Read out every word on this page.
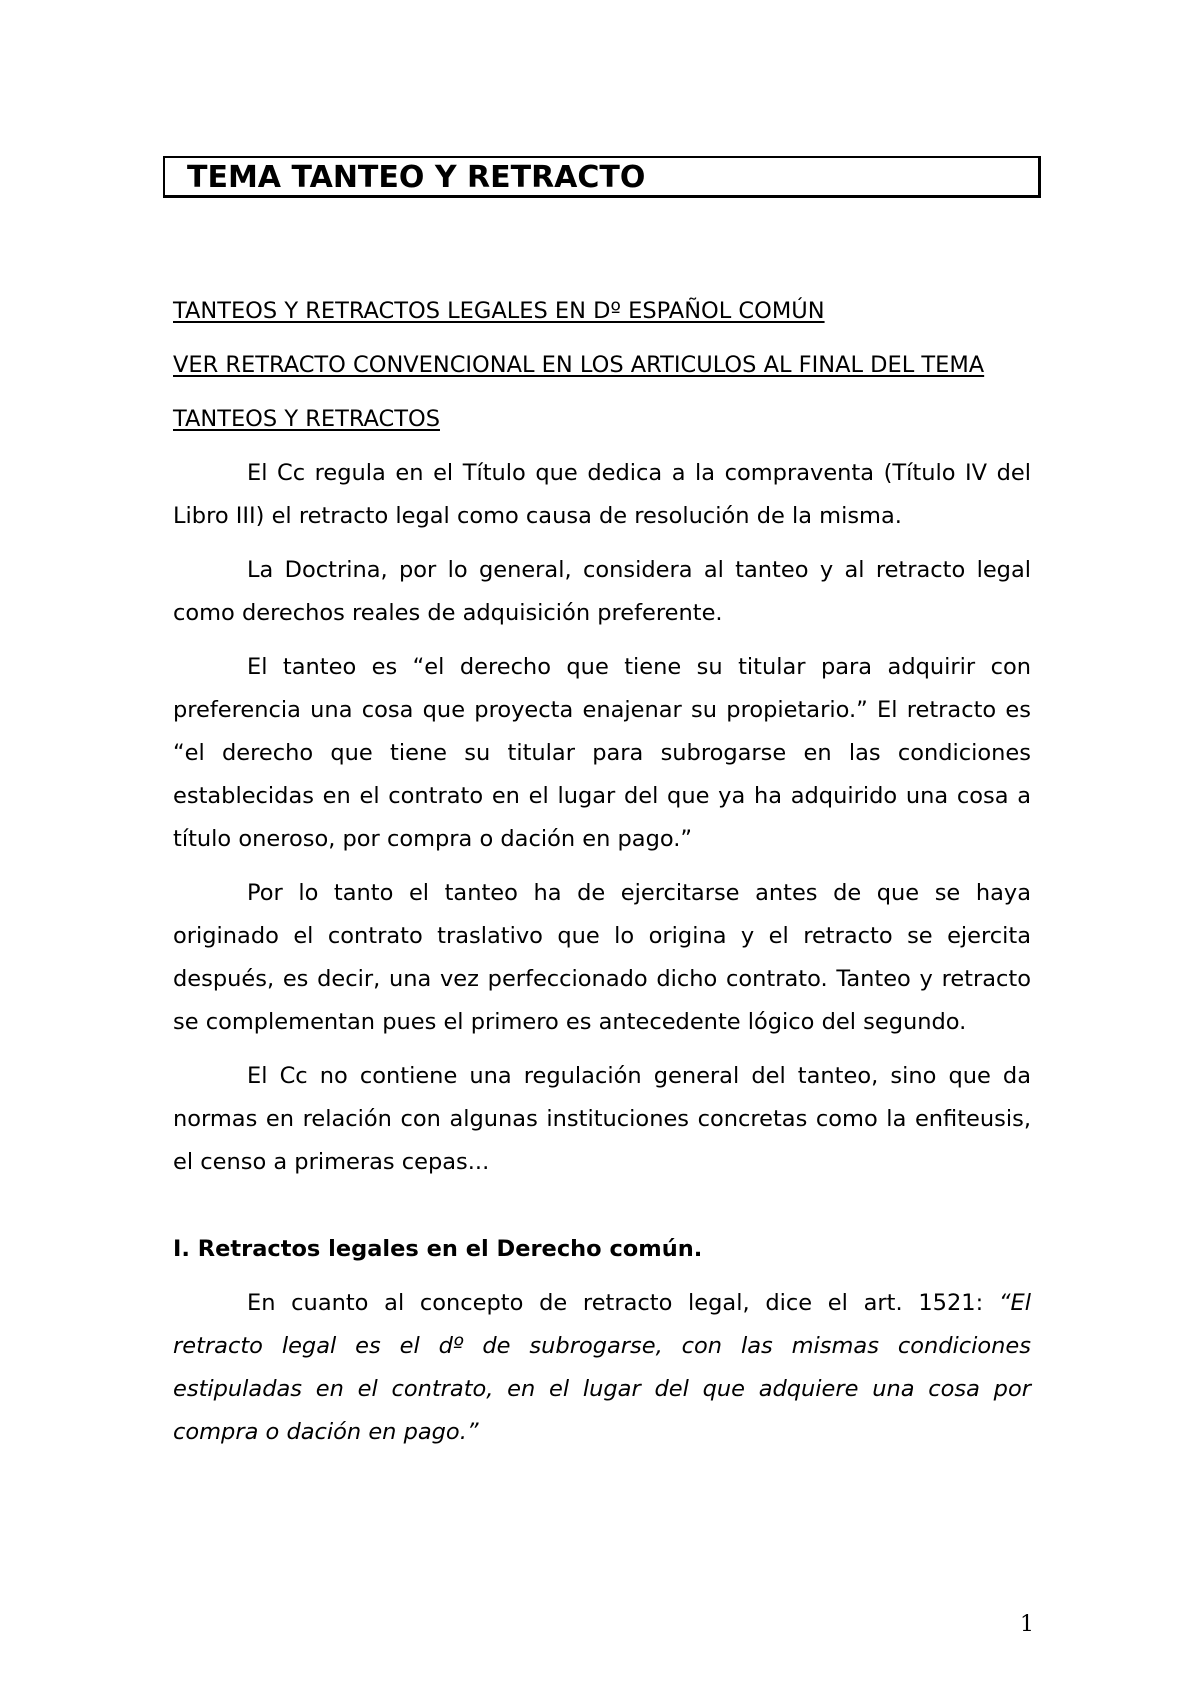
TEMA TANTEO Y RETRACTO

TANTEOS Y RETRACTOS LEGALES EN Dº ESPAÑOL COMÚN

VER RETRACTO CONVENCIONAL EN LOS ARTICULOS AL FINAL DEL TEMA

TANTEOS Y RETRACTOS

El Cc regula en el Título que dedica a la compraventa (Título IV del Libro III) el retracto legal como causa de resolución de la misma.

La Doctrina, por lo general, considera al tanteo y al retracto legal como derechos reales de adquisición preferente.

El tanteo es “el derecho que tiene su titular para adquirir con preferencia una cosa que proyecta enajenar su propietario.” El retracto es “el derecho que tiene su titular para subrogarse en las condiciones establecidas en el contrato en el lugar del que ya ha adquirido una cosa a título oneroso, por compra o dación en pago.”

Por lo tanto el tanteo ha de ejercitarse antes de que se haya originado el contrato traslativo que lo origina y el retracto se ejercita después, es decir, una vez perfeccionado dicho contrato. Tanteo y retracto se complementan pues el primero es antecedente lógico del segundo.

El Cc no contiene una regulación general del tanteo, sino que da normas en relación con algunas instituciones concretas como la enfiteusis, el censo a primeras cepas...

I. Retractos legales en el Derecho común.

En cuanto al concepto de retracto legal, dice el art. 1521: “El retracto legal es el dº de subrogarse, con las mismas condiciones estipuladas en el contrato, en el lugar del que adquiere una cosa por compra o dación en pago.”

1
